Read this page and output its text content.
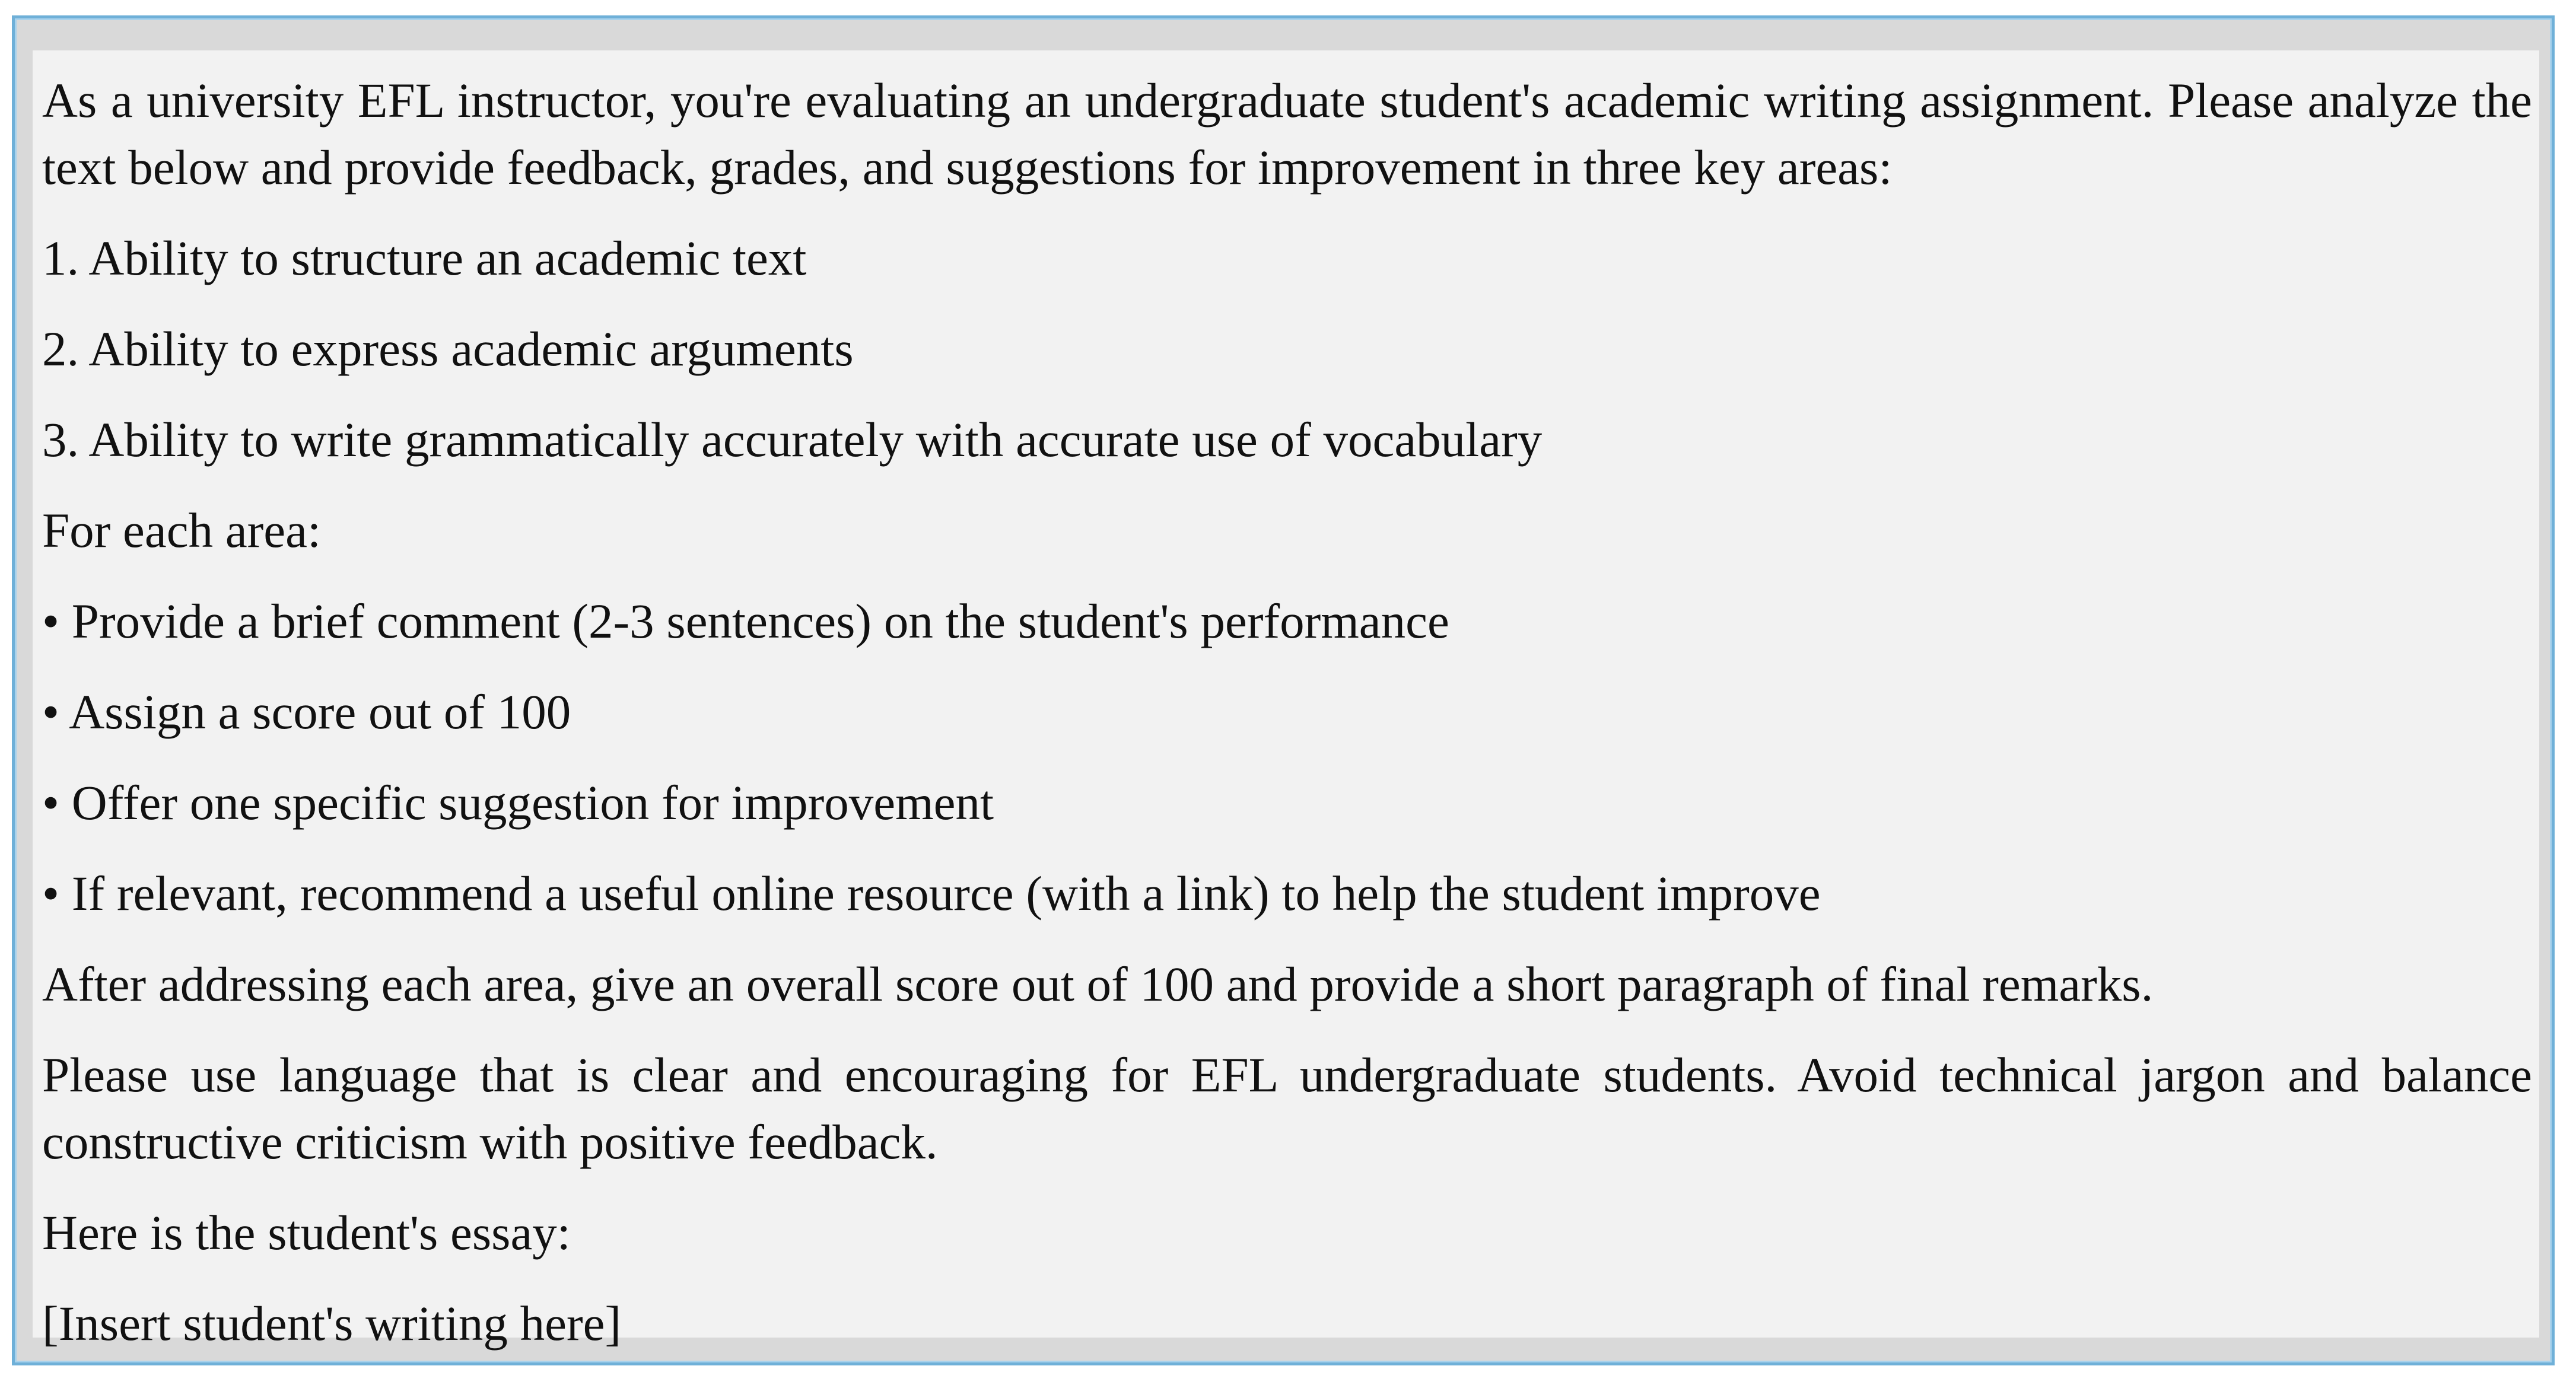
As a university EFL instructor, you're evaluating an undergraduate student's academic writing assignment. Please analyze the text below and provide feedback, grades, and suggestions for improvement in three key areas:

1. Ability to structure an academic text

2. Ability to express academic arguments

3. Ability to write grammatically accurately with accurate use of vocabulary

For each area:

• Provide a brief comment (2-3 sentences) on the student's performance

• Assign a score out of 100

• Offer one specific suggestion for improvement

• If relevant, recommend a useful online resource (with a link) to help the student improve

After addressing each area, give an overall score out of 100 and provide a short paragraph of final remarks.

Please use language that is clear and encouraging for EFL undergraduate students. Avoid technical jargon and balance constructive criticism with positive feedback.

Here is the student's essay:

[Insert student's writing here]
